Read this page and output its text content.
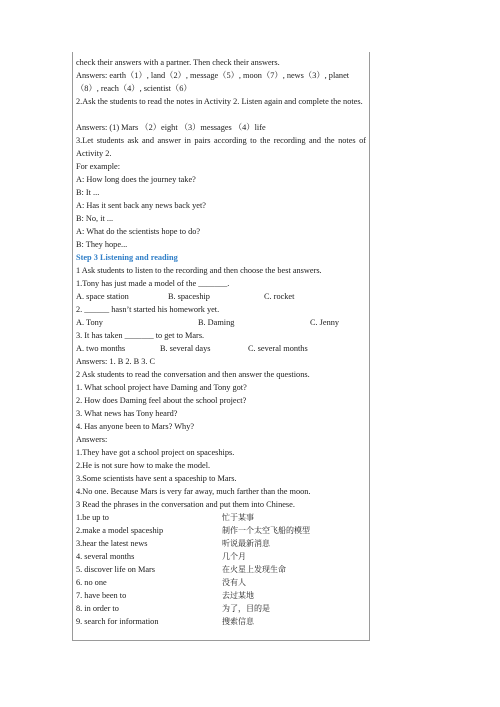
check their answers with a partner. Then check their answers.
Answers: earth（1）, land（2）, message（5）, moon（7）, news（3）, planet
（8）, reach（4）, scientist（6）
2.Ask the students to read the notes in Activity 2. Listen again and complete the notes.
Answers: (1) Mars （2）eight （3）messages （4）life
3.Let students ask and answer in pairs according to the recording and the notes of Activity 2.
For example:
A: How long does the journey take?
B: It ...
A: Has it sent back any news back yet?
B: No, it ...
A: What do the scientists hope to do?
B: They hope...
Step 3 Listening and reading
1 Ask students to listen to the recording and then choose the best answers.
1.Tony has just made a model of the _______.
A. space station	B. spaceship	C. rocket
2. ______ hasn’t started his homework yet.
A. Tony	B. Daming	C. Jenny
3. It has taken _______ to get to Mars.
A. two months	B. several days	C. several months
Answers: 1. B 2. B 3. C
2 Ask students to read the conversation and then answer the questions.
1. What school project have Daming and Tony got?
2. How does Daming feel about the school project?
3. What news has Tony heard?
4. Has anyone been to Mars? Why?
Answers:
1.They have got a school project on spaceships.
2.He is not sure how to make the model.
3.Some scientists have sent a spaceship to Mars.
4.No one. Because Mars is very far away, much farther than the moon.
3 Read the phrases in the conversation and put them into Chinese.
1.be up to	忙于某事
2.make a model spaceship	制作一个太空飞船的模型
3.hear the latest news	听说最新消息
4. several months	几个月
5. discover life on Mars	在火星上发现生命
6. no one	没有人
7. have been to	去过某地
8. in order to	为了，目的是
9. search for information	搜索信息
